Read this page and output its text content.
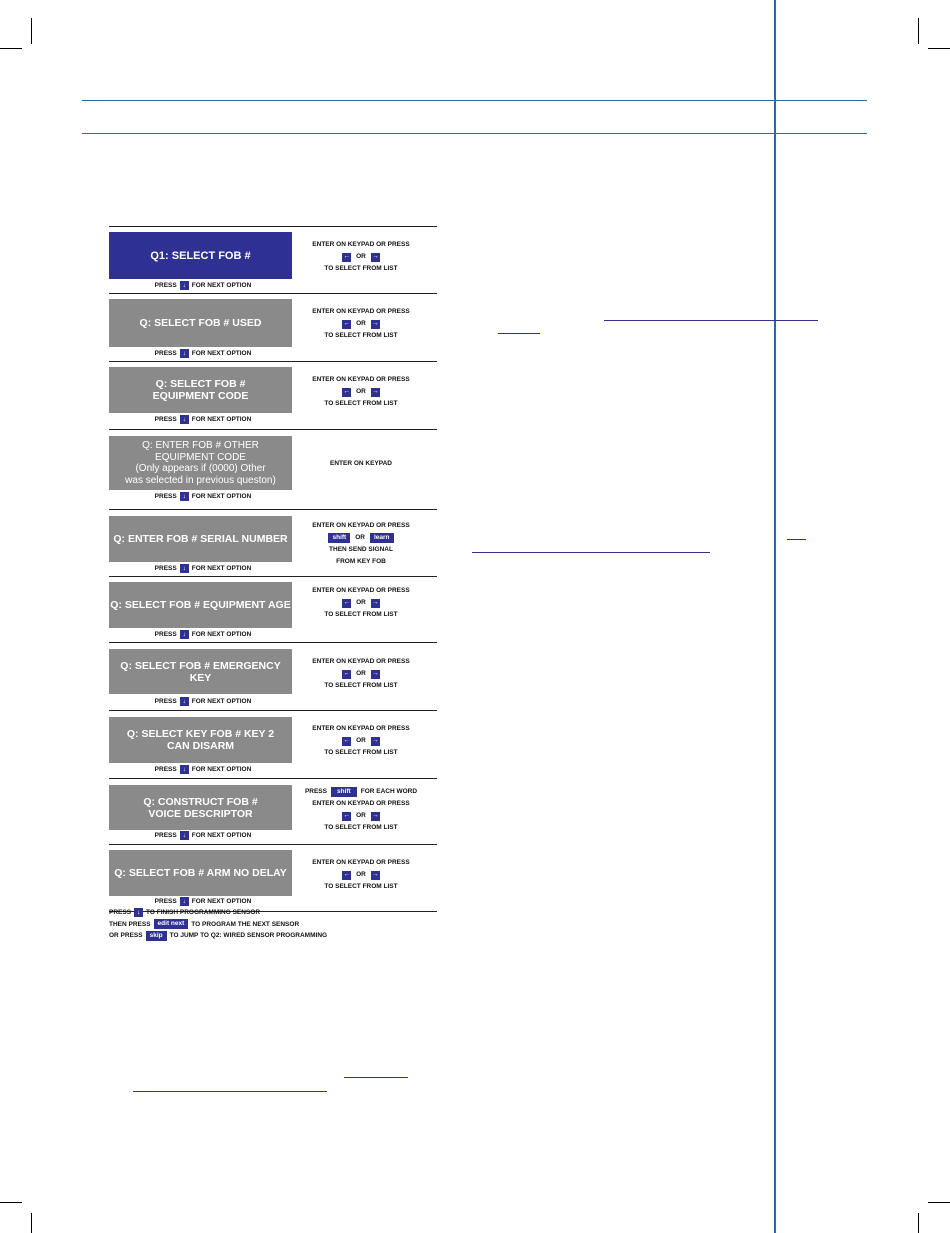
Q1: SELECT FOB #
PRESS ↓ FOR NEXT OPTION
ENTER ON KEYPAD OR PRESS
← OR →
TO SELECT FROM LIST
Q: SELECT FOB # USED
PRESS ↓ FOR NEXT OPTION
ENTER ON KEYPAD OR PRESS
← OR →
TO SELECT FROM LIST
Q: SELECT FOB # EQUIPMENT CODE
PRESS ↓ FOR NEXT OPTION
ENTER ON KEYPAD OR PRESS
← OR →
TO SELECT FROM LIST
Q: ENTER FOB # OTHER
EQUIPMENT CODE
(Only appears if (0000) Other
was selected in previous queston)
PRESS ↓ FOR NEXT OPTION
ENTER ON KEYPAD
Q: ENTER FOB # SERIAL NUMBER
PRESS ↓ FOR NEXT OPTION
ENTER ON KEYPAD OR PRESS
shift	OR	learn
THEN SEND SIGNAL
FROM KEY FOB
Q: SELECT FOB # EQUIPMENT AGE
PRESS ↓ FOR NEXT OPTION
ENTER ON KEYPAD OR PRESS
← OR →
TO SELECT FROM LIST
Q: SELECT FOB # EMERGENCY KEY
PRESS ↓ FOR NEXT OPTION
ENTER ON KEYPAD OR PRESS
← OR →
TO SELECT FROM LIST
Q: SELECT KEY FOB # KEY 2
CAN DISARM
PRESS ↓ FOR NEXT OPTION
ENTER ON KEYPAD OR PRESS
← OR →
TO SELECT FROM LIST
Q: CONSTRUCT FOB #
VOICE DESCRIPTOR
PRESS ↓ FOR NEXT OPTION
PRESS	shift	FOR EACH WORD
ENTER ON KEYPAD OR PRESS
← OR →
TO SELECT FROM LIST
Q: SELECT FOB # ARM NO DELAY
PRESS ↓ FOR NEXT OPTION
ENTER ON KEYPAD OR PRESS
← OR →
TO SELECT FROM LIST
PRESS ↓ TO FINISH PROGRAMMING SENSOR
THEN PRESS	edit next	TO PROGRAM THE NEXT SENSOR
OR PRESS	skip	TO JUMP TO Q2: WIRED SENSOR PROGRAMMING
